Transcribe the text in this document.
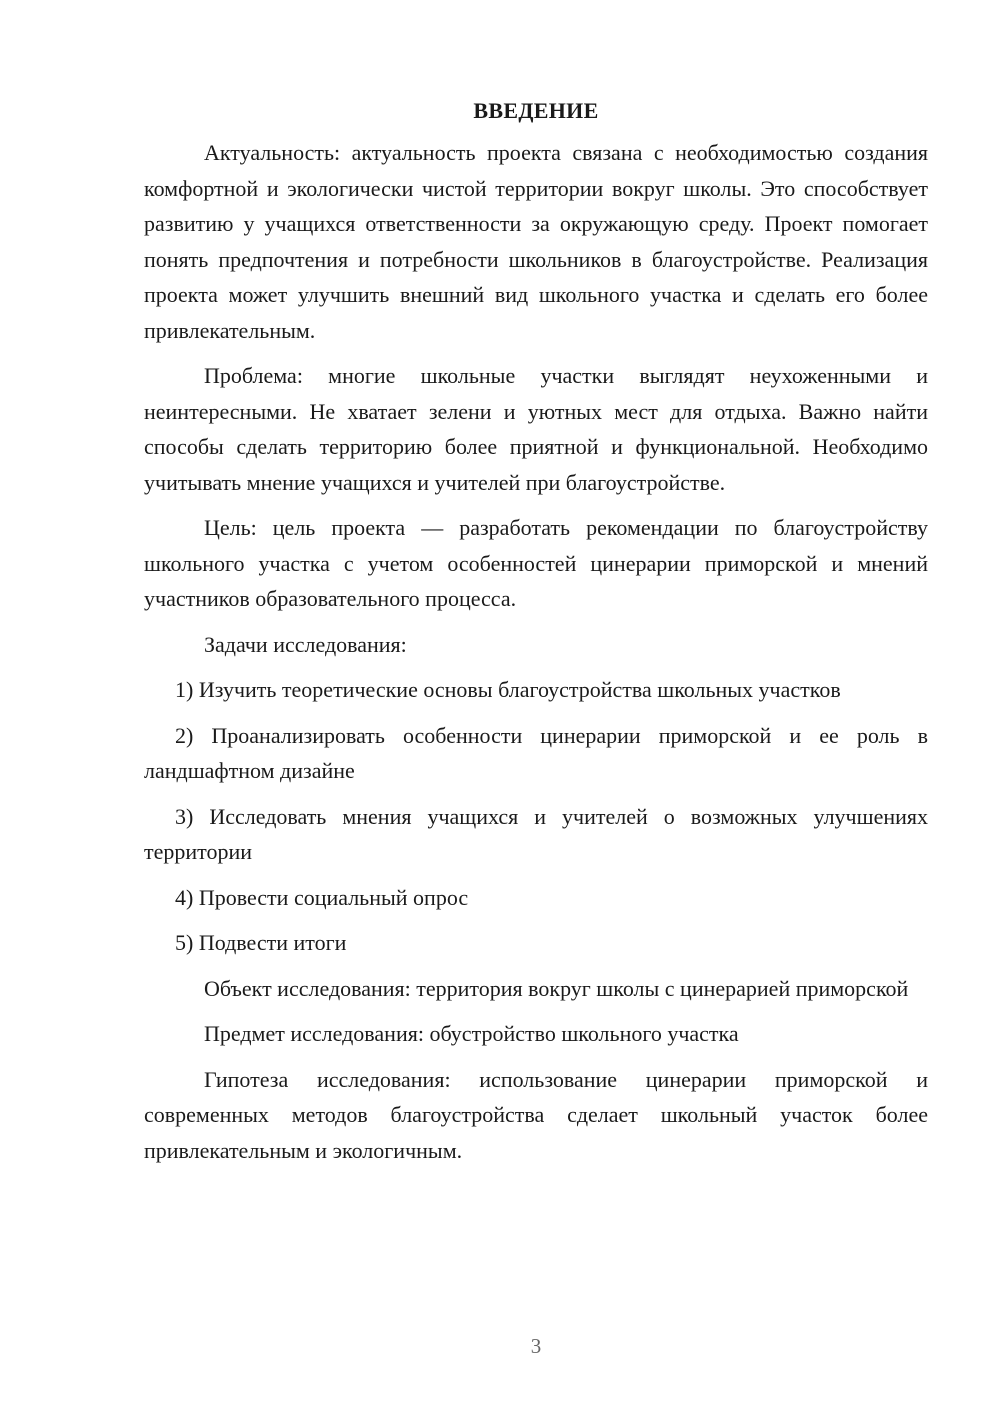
ВВЕДЕНИЕ

Актуальность: актуальность проекта связана с необходимостью создания комфортной и экологически чистой территории вокруг школы. Это способствует развитию у учащихся ответственности за окружающую среду. Проект помогает понять предпочтения и потребности школьников в благоустройстве. Реализация проекта может улучшить внешний вид школьного участка и сделать его более привлекательным.

Проблема: многие школьные участки выглядят неухоженными и неинтересными. Не хватает зелени и уютных мест для отдыха. Важно найти способы сделать территорию более приятной и функциональной. Необходимо учитывать мнение учащихся и учителей при благоустройстве.

Цель: цель проекта — разработать рекомендации по благоустройству школьного участка с учетом особенностей цинерарии приморской и мнений участников образовательного процесса.

Задачи исследования:

1) Изучить теоретические основы благоустройства школьных участков

2) Проанализировать особенности цинерарии приморской и ее роль в ландшафтном дизайне

3) Исследовать мнения учащихся и учителей о возможных улучшениях территории

4) Провести социальный опрос

5) Подвести итоги

Объект исследования: территория вокруг школы с цинерарией приморской

Предмет исследования: обустройство школьного участка

Гипотеза исследования: использование цинерарии приморской и современных методов благоустройства сделает школьный участок более привлекательным и экологичным.

3
